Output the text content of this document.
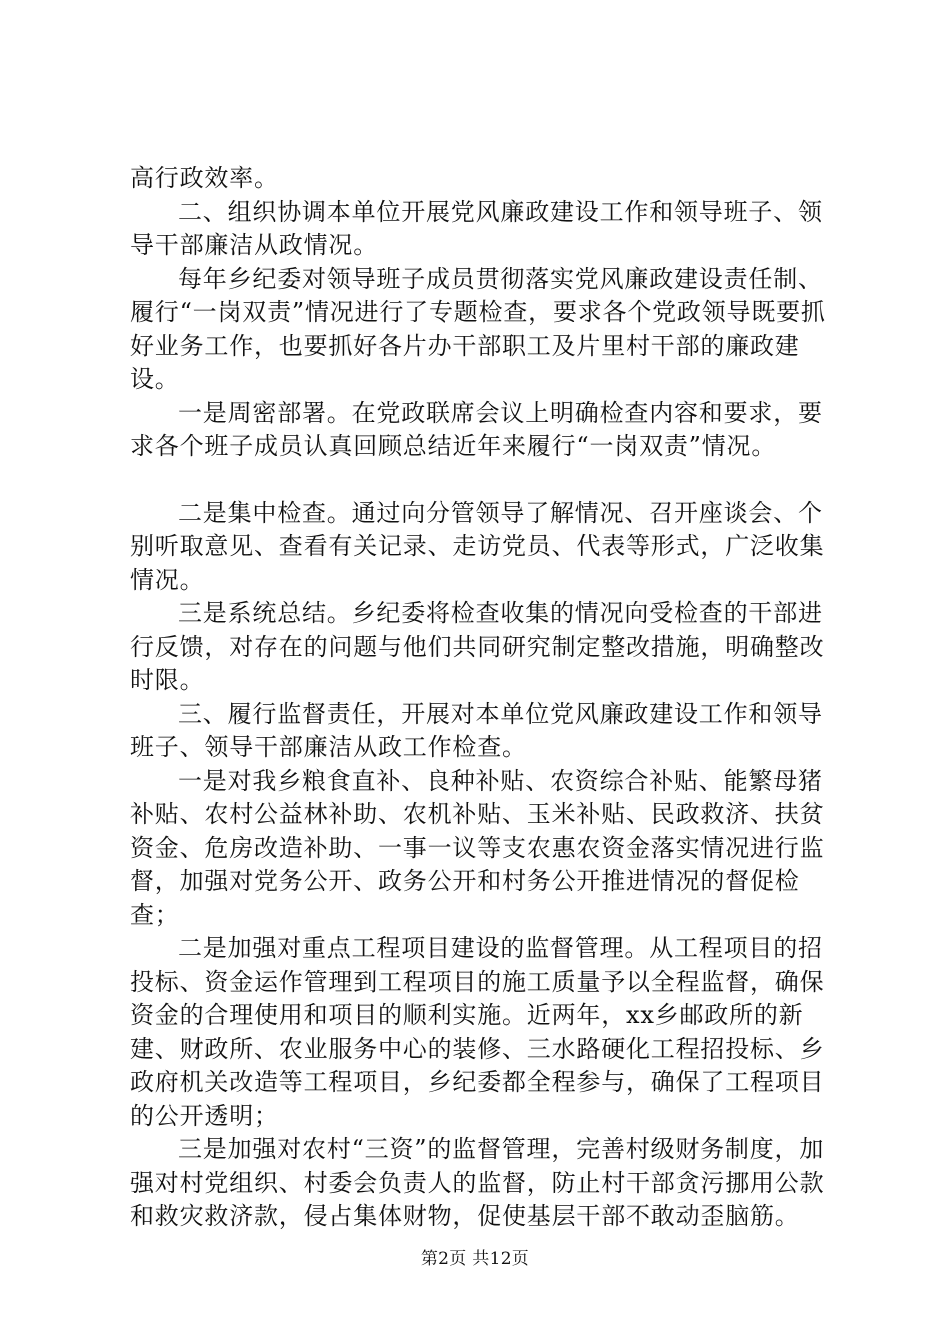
高行政效率。

二、组织协调本单位开展党风廉政建设工作和领导班子、领导干部廉洁从政情况。

每年乡纪委对领导班子成员贯彻落实党风廉政建设责任制、履行“一岗双责”情况进行了专题检查，要求各个党政领导既要抓好业务工作，也要抓好各片办干部职工及片里村干部的廉政建设。

一是周密部署。在党政联席会议上明确检查内容和要求，要求各个班子成员认真回顾总结近年来履行“一岗双责”情况。

二是集中检查。通过向分管领导了解情况、召开座谈会、个别听取意见、查看有关记录、走访党员、代表等形式，广泛收集情况。

三是系统总结。乡纪委将检查收集的情况向受检查的干部进行反馈，对存在的问题与他们共同研究制定整改措施，明确整改时限。

三、履行监督责任，开展对本单位党风廉政建设工作和领导班子、领导干部廉洁从政工作检查。

一是对我乡粮食直补、良种补贴、农资综合补贴、能繁母猪补贴、农村公益林补助、农机补贴、玉米补贴、民政救济、扶贫资金、危房改造补助、一事一议等支农惠农资金落实情况进行监督，加强对党务公开、政务公开和村务公开推进情况的督促检查；

二是加强对重点工程项目建设的监督管理。从工程项目的招投标、资金运作管理到工程项目的施工质量予以全程监督，确保资金的合理使用和项目的顺利实施。近两年，xx乡邮政所的新建、财政所、农业服务中心的装修、三水路硬化工程招投标、乡政府机关改造等工程项目，乡纪委都全程参与，确保了工程项目的公开透明；

三是加强对农村“三资”的监督管理，完善村级财务制度，加强对村党组织、村委会负责人的监督，防止村干部贪污挪用公款和救灾救济款，侵占集体财物，促使基层干部不敢动歪脑筋。

第2页 共12页
